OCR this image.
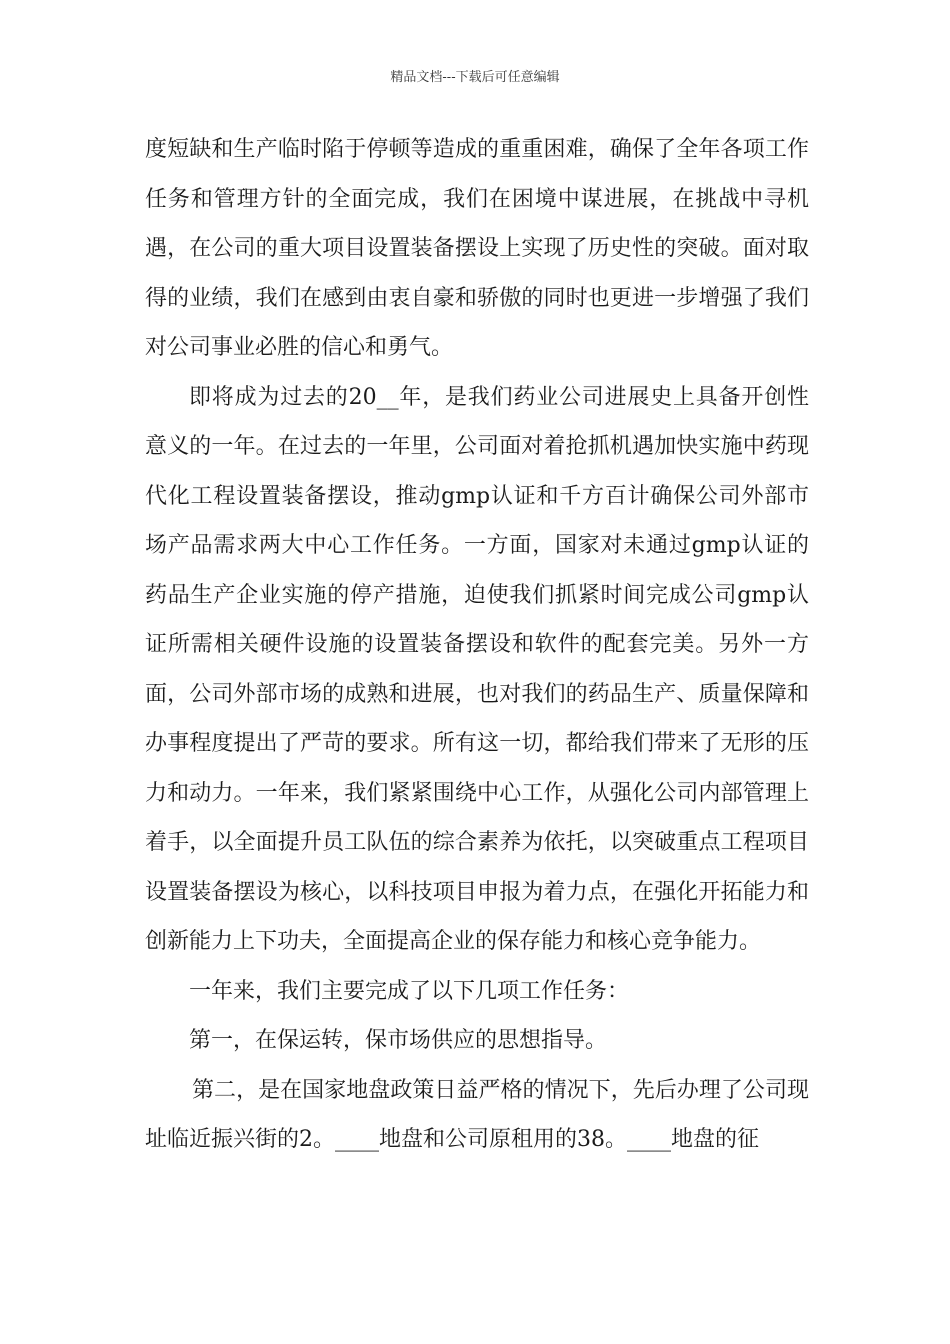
精品文档---下载后可任意编辑

度短缺和生产临时陷于停顿等造成的重重困难，确保了全年各项工作任务和管理方针的全面完成，我们在困境中谋进展，在挑战中寻机遇，在公司的重大项目设置装备摆设上实现了历史性的突破。面对取得的业绩，我们在感到由衷自豪和骄傲的同时也更进一步增强了我们对公司事业必胜的信心和勇气。

即将成为过去的20__年，是我们药业公司进展史上具备开创性意义的一年。在过去的一年里，公司面对着抢抓机遇加快实施中药现代化工程设置装备摆设，推动gmp认证和千方百计确保公司外部市场产品需求两大中心工作任务。一方面，国家对未通过gmp认证的药品生产企业实施的停产措施，迫使我们抓紧时间完成公司gmp认证所需相关硬件设施的设置装备摆设和软件的配套完美。另外一方面，公司外部市场的成熟和进展，也对我们的药品生产、质量保障和办事程度提出了严苛的要求。所有这一切，都给我们带来了无形的压力和动力。一年来，我们紧紧围绕中心工作，从强化公司内部管理上着手，以全面提升员工队伍的综合素养为依托，以突破重点工程项目设置装备摆设为核心，以科技项目申报为着力点，在强化开拓能力和创新能力上下功夫，全面提高企业的保存能力和核心竞争能力。

一年来，我们主要完成了以下几项工作任务：

第一，在保运转，保市场供应的思想指导。

第二，是在国家地盘政策日益严格的情况下，先后办理了公司现址临近振兴街的2。____地盘和公司原租用的38。____地盘的征
